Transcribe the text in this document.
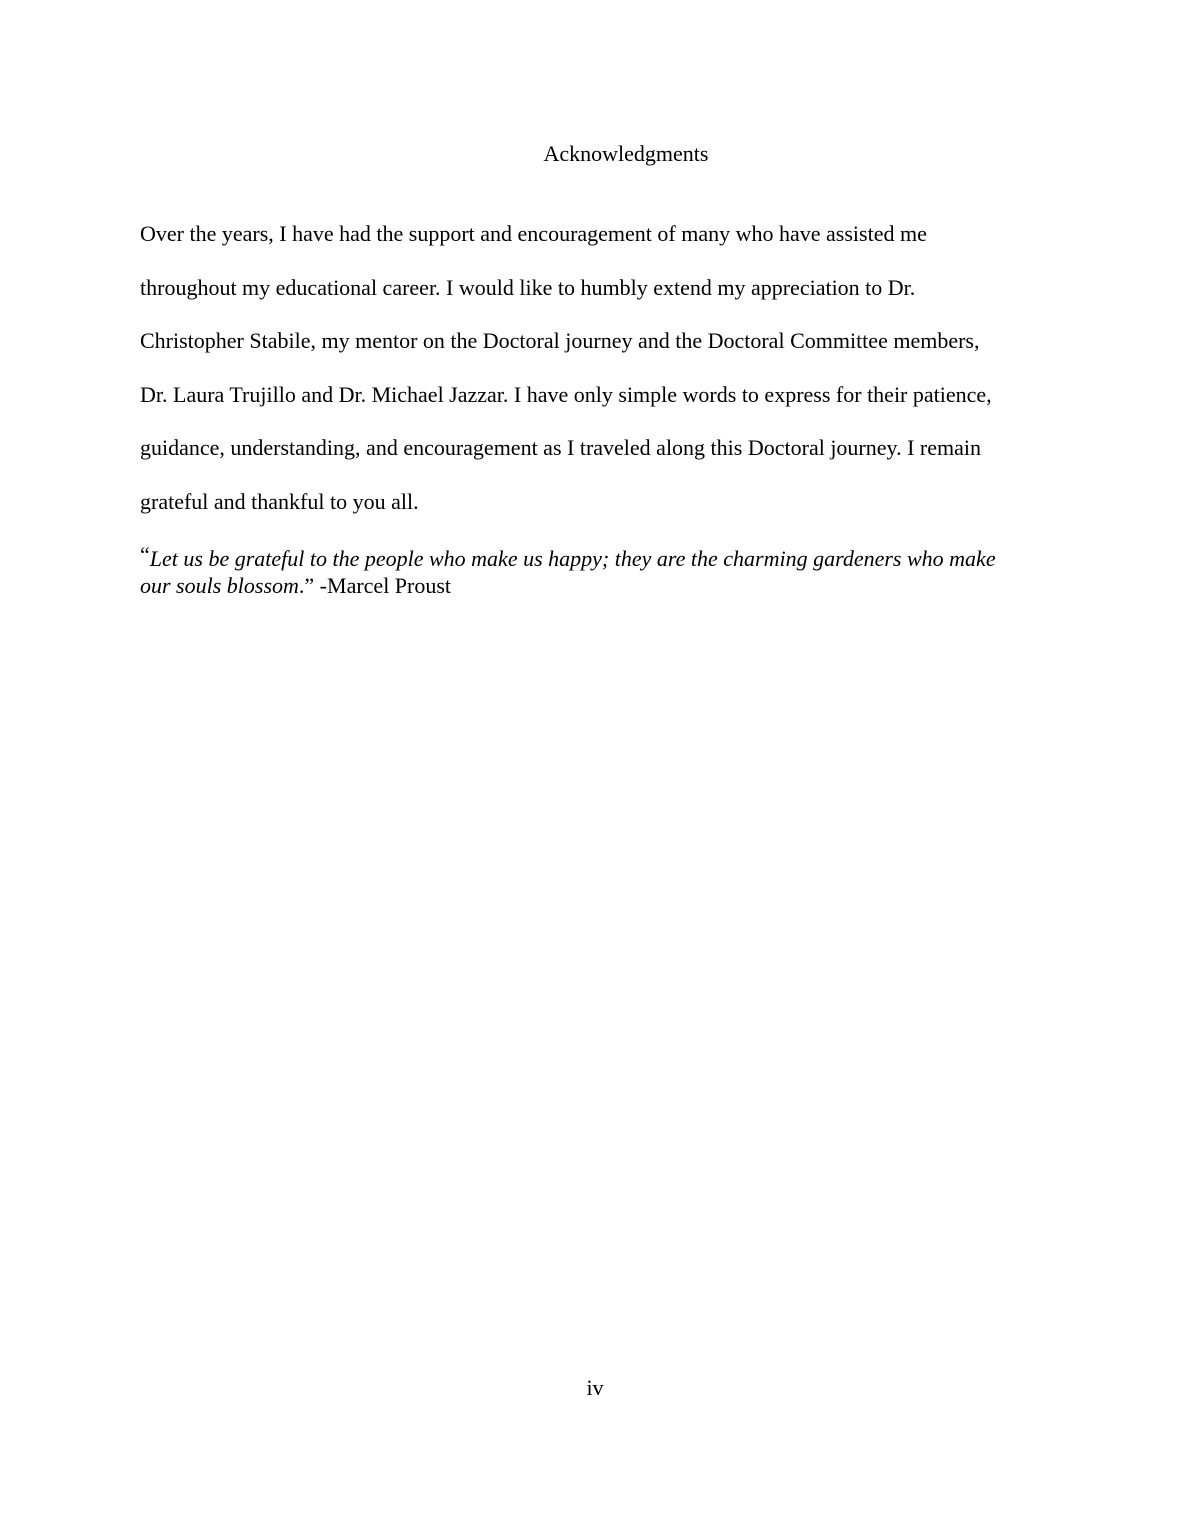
Acknowledgments
Over the years, I have had the support and encouragement of many who have assisted me
throughout my educational career. I would like to humbly extend my appreciation to Dr.
Christopher Stabile, my mentor on the Doctoral journey and the Doctoral Committee members,
Dr. Laura Trujillo and Dr. Michael Jazzar. I have only simple words to express for their patience,
guidance, understanding, and encouragement as I traveled along this Doctoral journey. I remain
grateful and thankful to you all.
“Let us be grateful to the people who make us happy; they are the charming gardeners who make
our souls blossom.” -Marcel Proust
iv
